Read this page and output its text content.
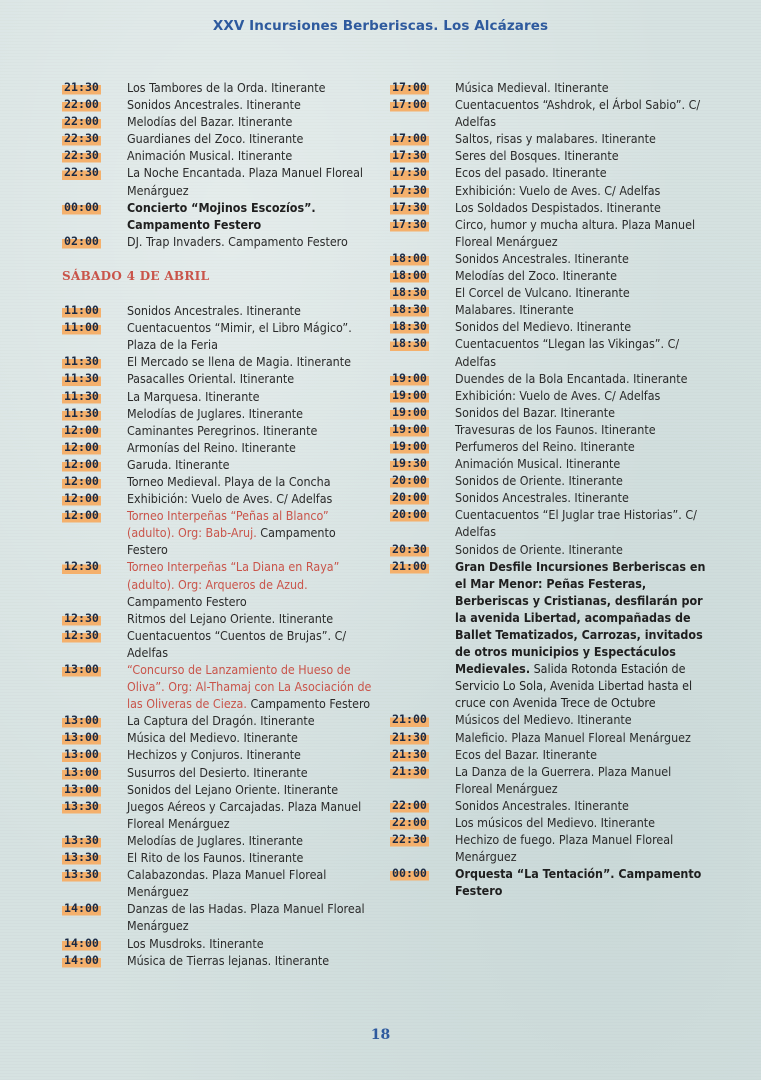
XXV Incursiones Berberiscas. Los Alcázares
21:30	Los Tambores de la Orda. Itinerante
22:00	Sonidos Ancestrales. Itinerante
22:00	Melodías del Bazar. Itinerante
22:30	Guardianes del Zoco. Itinerante
22:30	Animación Musical. Itinerante
22:30	La Noche Encantada. Plaza Manuel Floreal Menárguez
00:00	Concierto “Mojinos Escozíos”. Campamento Festero
02:00	DJ. Trap Invaders. Campamento Festero
SÁBADO 4 DE ABRIL
11:00	Sonidos Ancestrales. Itinerante
11:00	Cuentacuentos “Mimir, el Libro Mágico”. Plaza de la Feria
11:30	El Mercado se llena de Magia. Itinerante
11:30	Pasacalles Oriental. Itinerante
11:30	La Marquesa. Itinerante
11:30	Melodías de Juglares. Itinerante
12:00	Caminantes Peregrinos. Itinerante
12:00	Armonías del Reino. Itinerante
12:00	Garuda. Itinerante
12:00	Torneo Medieval. Playa de la Concha
12:00	Exhibición: Vuelo de Aves. C/ Adelfas
12:00	Torneo Interpeñas “Peñas al Blanco” (adulto). Org: Bab-Aruj. Campamento Festero
12:30	Torneo Interpeñas “La Diana en Raya” (adulto). Org: Arqueros de Azud. Campamento Festero
12:30	Ritmos del Lejano Oriente. Itinerante
12:30	Cuentacuentos “Cuentos de Brujas”. C/ Adelfas
13:00	“Concurso de Lanzamiento de Hueso de Oliva”. Org: Al-Thamaj con La Asociación de las Oliveras de Cieza. Campamento Festero
13:00	La Captura del Dragón. Itinerante
13:00	Música del Medievo. Itinerante
13:00	Hechizos y Conjuros. Itinerante
13:00	Susurros del Desierto. Itinerante
13:00	Sonidos del Lejano Oriente. Itinerante
13:30	Juegos Aéreos y Carcajadas. Plaza Manuel Floreal Menárguez
13:30	Melodías de Juglares. Itinerante
13:30	El Rito de los Faunos. Itinerante
13:30	Calabazondas. Plaza Manuel Floreal Menárguez
14:00	Danzas de las Hadas. Plaza Manuel Floreal Menárguez
14:00	Los Musdroks. Itinerante
14:00	Música de Tierras lejanas. Itinerante
17:00	Música Medieval. Itinerante
17:00	Cuentacuentos “Ashdrok, el Árbol Sabio”. C/ Adelfas
17:00	Saltos, risas y malabares. Itinerante
17:30	Seres del Bosques. Itinerante
17:30	Ecos del pasado. Itinerante
17:30	Exhibición: Vuelo de Aves. C/ Adelfas
17:30	Los Soldados Despistados. Itinerante
17:30	Circo, humor y mucha altura. Plaza Manuel Floreal Menárguez
18:00	Sonidos Ancestrales. Itinerante
18:00	Melodías del Zoco. Itinerante
18:30	El Corcel de Vulcano. Itinerante
18:30	Malabares. Itinerante
18:30	Sonidos del Medievo. Itinerante
18:30	Cuentacuentos “Llegan las Vikingas”. C/ Adelfas
19:00	Duendes de la Bola Encantada. Itinerante
19:00	Exhibición: Vuelo de Aves. C/ Adelfas
19:00	Sonidos del Bazar. Itinerante
19:00	Travesuras de los Faunos. Itinerante
19:00	Perfumeros del Reino. Itinerante
19:30	Animación Musical. Itinerante
20:00	Sonidos de Oriente. Itinerante
20:00	Sonidos Ancestrales. Itinerante
20:00	Cuentacuentos “El Juglar trae Historias”. C/ Adelfas
20:30	Sonidos de Oriente. Itinerante
21:00	Gran Desfile Incursiones Berberiscas en el Mar Menor: Peñas Festeras, Berberiscas y Cristianas, desfilarán por la avenida Libertad, acompañadas de Ballet Tematizados, Carrozas, invitados de otros municipios y Espectáculos Medievales. Salida Rotonda Estación de Servicio Lo Sola, Avenida Libertad hasta el cruce con Avenida Trece de Octubre
21:00	Músicos del Medievo. Itinerante
21:30	Maleficio. Plaza Manuel Floreal Menárguez
21:30	Ecos del Bazar. Itinerante
21:30	La Danza de la Guerrera. Plaza Manuel Floreal Menárguez
22:00	Sonidos Ancestrales. Itinerante
22:00	Los músicos del Medievo. Itinerante
22:30	Hechizo de fuego. Plaza Manuel Floreal Menárguez
00:00	Orquesta “La Tentación”. Campamento Festero
18
